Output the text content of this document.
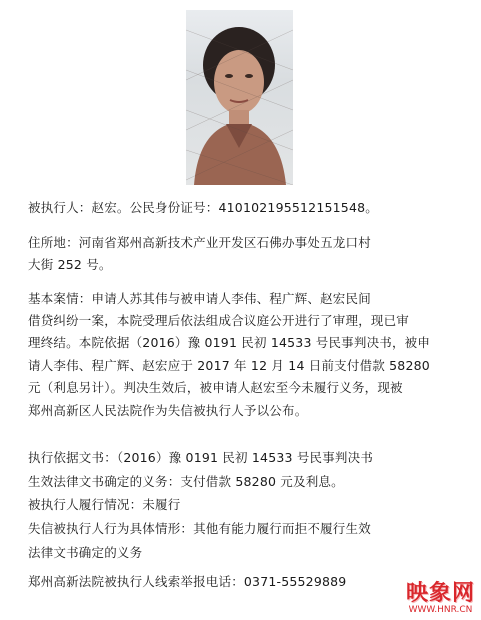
被执行人：赵宏。公民身份证号：410102195512151548。
住所地：河南省郑州高新技术产业开发区石佛办事处五龙口村
大街 252 号。
基本案情：申请人苏其伟与被申请人李伟、程广辉、赵宏民间
借贷纠纷一案，本院受理后依法组成合议庭公开进行了审理，现已审
理终结。本院依据（2016）豫 0191 民初 14533 号民事判决书，被申
请人李伟、程广辉、赵宏应于 2017 年 12 月 14 日前支付借款 58280
元（利息另计）。判决生效后，被申请人赵宏至今未履行义务，现被
郑州高新区人民法院作为失信被执行人予以公布。
执行依据文书：（2016）豫 0191 民初 14533 号民事判决书
生效法律文书确定的义务：支付借款 58280 元及利息。
被执行人履行情况：未履行
失信被执行人行为具体情形：其他有能力履行而拒不履行生效
法律文书确定的义务
郑州高新法院被执行人线索举报电话：0371-55529889	映象网
WWW.HNR.CN
